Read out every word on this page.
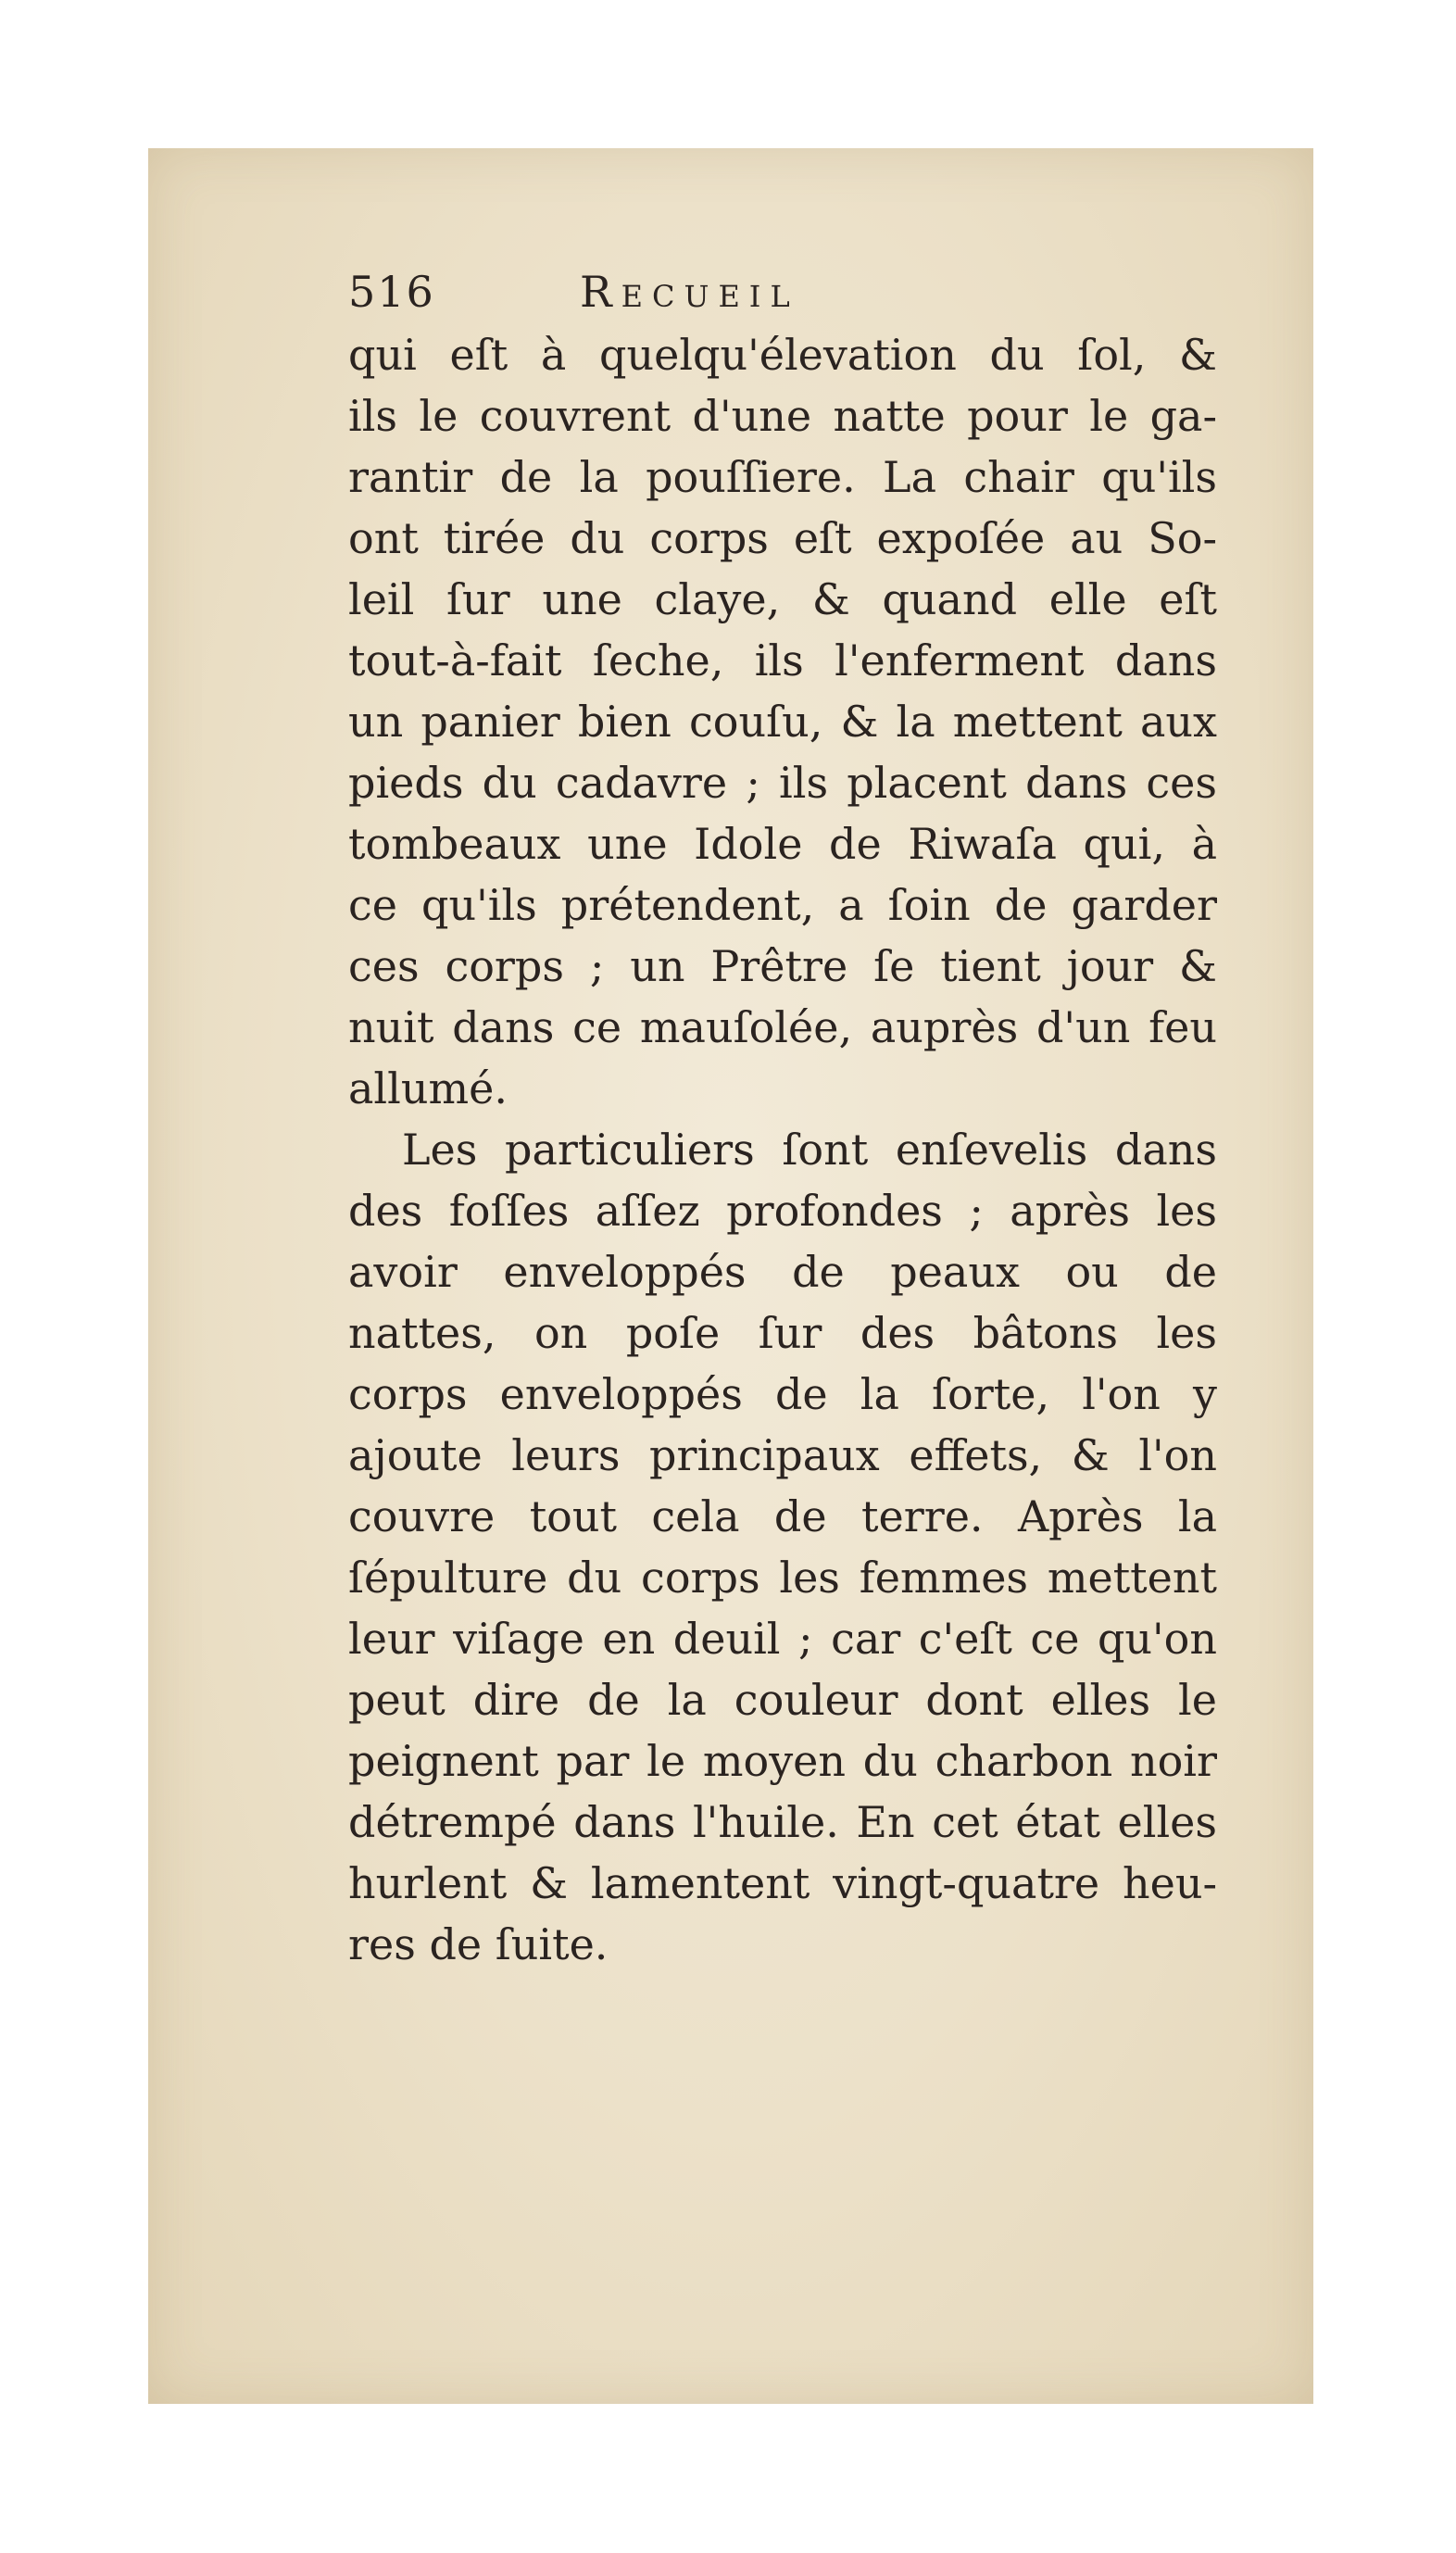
516	Recueil
qui eſt à quelqu'élevation du ſol, &
ils le couvrent d'une natte pour le ga-
rantir de la pouſſiere. La chair qu'ils
ont tirée du corps eſt expoſée au So-
leil ſur une claye, & quand elle eſt
tout-à-fait ſeche, ils l'enferment dans
un panier bien couſu, & la mettent aux
pieds du cadavre ; ils placent dans ces
tombeaux une Idole de Riwaſa qui, à
ce qu'ils prétendent, a ſoin de garder
ces corps ; un Prêtre ſe tient jour &
nuit dans ce mauſolée, auprès d'un feu
allumé.
Les particuliers ſont enſevelis dans
des foſſes aſſez profondes ; après les
avoir enveloppés de peaux ou de
nattes, on poſe ſur des bâtons les
corps enveloppés de la ſorte, l'on y
ajoute leurs principaux effets, & l'on
couvre tout cela de terre. Après la
ſépulture du corps les femmes mettent
leur viſage en deuil ; car c'eſt ce qu'on
peut dire de la couleur dont elles le
peignent par le moyen du charbon noir
détrempé dans l'huile. En cet état elles
hurlent & lamentent vingt-quatre heu-
res de ſuite.
